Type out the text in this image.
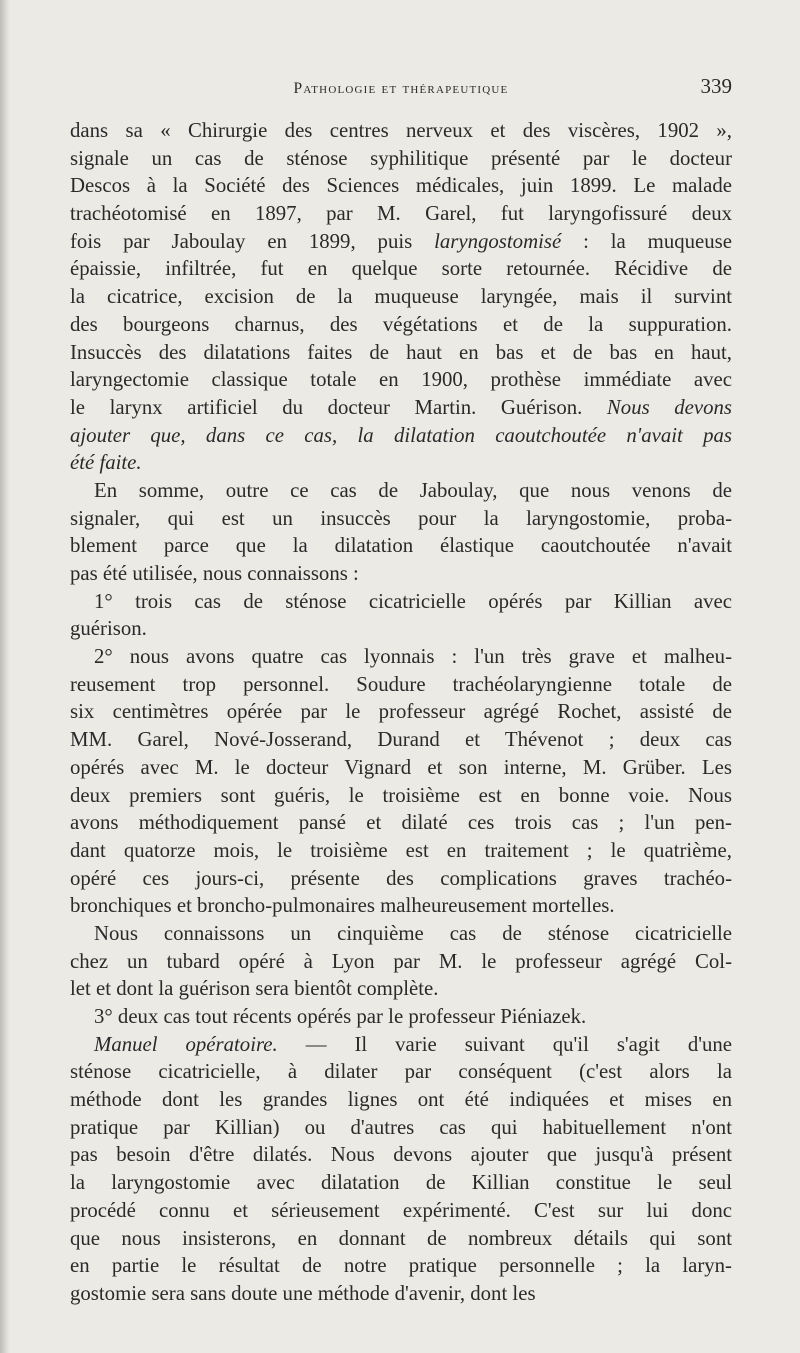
Pathologie et thérapeutique	339
dans sa « Chirurgie des centres nerveux et des viscères, 1902 »,
signale un cas de sténose syphilitique présenté par le docteur
Descos à la Société des Sciences médicales, juin 1899. Le malade
trachéotomisé en 1897, par M. Garel, fut laryngofissuré deux
fois par Jaboulay en 1899, puis laryngostomisé : la muqueuse
épaissie, infiltrée, fut en quelque sorte retournée. Récidive de
la cicatrice, excision de la muqueuse laryngée, mais il survint
des bourgeons charnus, des végétations et de la suppuration.
Insuccès des dilatations faites de haut en bas et de bas en haut,
laryngectomie classique totale en 1900, prothèse immédiate avec
le larynx artificiel du docteur Martin. Guérison. Nous devons
ajouter que, dans ce cas, la dilatation caoutchoutée n'avait pas
été faite.
En somme, outre ce cas de Jaboulay, que nous venons de
signaler, qui est un insuccès pour la laryngostomie, proba-
blement parce que la dilatation élastique caoutchoutée n'avait
pas été utilisée, nous connaissons :
1° trois cas de sténose cicatricielle opérés par Killian avec
guérison.
2° nous avons quatre cas lyonnais : l'un très grave et malheu-
reusement trop personnel. Soudure trachéolaryngienne totale de
six centimètres opérée par le professeur agrégé Rochet, assisté de
MM. Garel, Nové-Josserand, Durand et Thévenot ; deux cas
opérés avec M. le docteur Vignard et son interne, M. Grüber. Les
deux premiers sont guéris, le troisième est en bonne voie. Nous
avons méthodiquement pansé et dilaté ces trois cas ; l'un pen-
dant quatorze mois, le troisième est en traitement ; le quatrième,
opéré ces jours-ci, présente des complications graves trachéo-
bronchiques et broncho-pulmonaires malheureusement mortelles.
Nous connaissons un cinquième cas de sténose cicatricielle
chez un tubard opéré à Lyon par M. le professeur agrégé Col-
let et dont la guérison sera bientôt complète.
3° deux cas tout récents opérés par le professeur Piéniazek.
Manuel opératoire. — Il varie suivant qu'il s'agit d'une
sténose cicatricielle, à dilater par conséquent (c'est alors la
méthode dont les grandes lignes ont été indiquées et mises en
pratique par Killian) ou d'autres cas qui habituellement n'ont
pas besoin d'être dilatés. Nous devons ajouter que jusqu'à présent
la laryngostomie avec dilatation de Killian constitue le seul
procédé connu et sérieusement expérimenté. C'est sur lui donc
que nous insisterons, en donnant de nombreux détails qui sont
en partie le résultat de notre pratique personnelle ; la laryn-
gostomie sera sans doute une méthode d'avenir, dont les
